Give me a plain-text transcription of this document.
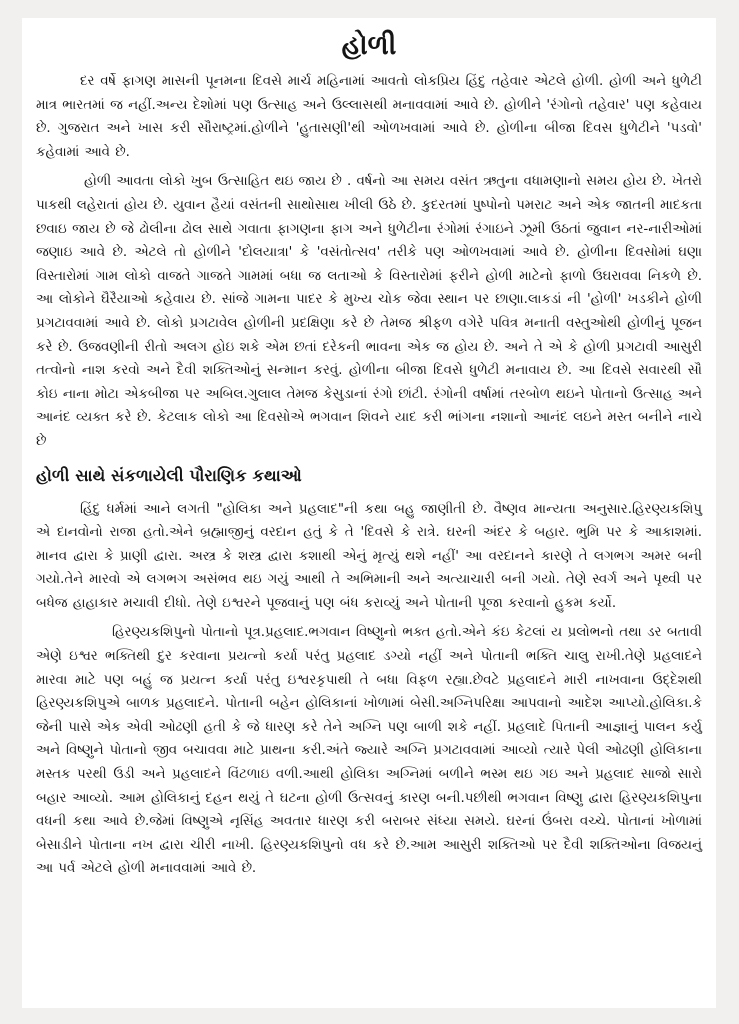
હોળી

દર વર્ષે ફાગણ માસની પૂનમના દિવસે માર્ચ મહિનામાં આવતો લોકપ્રિય હિંદુ તહેવાર એટલે હોળી. હોળી અને ધુળેટી માત્ર ભારતમાં જ નહીં.અન્ય દેશોમાં પણ ઉત્સાહ અને ઉલ્લાસથી મનાવવામાં આવે છે. હોળીને 'રંગોનો તહેવાર' પણ કહેવાય છે. ગુજરાત અને ખાસ કરી સૌરાષ્ટ્રમાં.હોળીને 'હુતાસણી'થી ઓળખવામાં આવે છે. હોળીના બીજા દિવસ ધુળેટીને 'પડવો' કહેવામાં આવે છે.

હોળી આવતા લોકો ખુબ ઉત્સાહિત થઇ જાય છે . વર્ષનો આ સમય વસંત ઋતુના વધામણાનો સમય હોય છે. ખેતરો પાકથી લહેરાતાં હોય છે. યુવાન હૈયાં વસંતની સાથોસાથ ખીલી ઉઠે છે. કુદરતમાં પુષ્પોનો પમરાટ અને એક જાતની માદકતા છવાઇ જાય છે જે ઢોલીના ઢોલ સાથે ગવાતા ફાગણના ફાગ અને ધુળેટીના રંગોમાં રંગાઇને ઝૂમી ઉઠતાં જુવાન નર-નારીઓમાં જણાઇ આવે છે. એટલે તો હોળીને 'દોલયાત્રા' કે 'વસંતોત્સવ' તરીકે પણ ઓળખવામાં આવે છે. હોળીના દિવસોમાં ઘણા વિસ્તારોમાં ગામ લોકો વાજતે ગાજતે ગામમાં બધા જ લતાઓ કે વિસ્તારોમાં ફરીને હોળી માટેનો ફાળો ઉઘરાવવા નિકળે છે. આ લોકોને ઘૈરૈયાઓ કહેવાય છે. સાંજે ગામના પાદર કે મુખ્ય ચોક જેવા સ્થાન પર છાણા.લાકડાં ની 'હોળી' ખડકીને હોળી પ્રગટાવવામાં આવે છે. લોકો પ્રગટાવેલ હોળીની પ્રદક્ષિણા કરે છે તેમજ શ્રીફળ વગેરે પવિત્ર મનાતી વસ્તુઓથી હોળીનું પૂજન કરે છે. ઉજવણીની રીતો અલગ હોઇ શકે એમ છતાં દરેકની ભાવના એક જ હોય છે. અને તે એ કે હોળી પ્રગટાવી આસુરી તત્વોનો નાશ કરવો અને દૈવી શક્તિઓનું સન્માન કરવું. હોળીના બીજા દિવસે ધુળેટી મનાવાય છે. આ દિવસે સવારથી સૌ કોઇ નાના મોટા એકબીજા પર અબિલ.ગુલાલ તેમજ કેસુડાનાં રંગો છાંટી. રંગોની વર્ષામાં તરબોળ થઇને પોતાનો ઉત્સાહ અને આનંદ વ્યક્ત કરે છે. કેટલાક લોકો આ દિવસોએ ભગવાન શિવને યાદ કરી ભાંગના નશાનો આનંદ લઇને મસ્ત બનીને નાચે છે

હોળી સાથે સંકળાયેલી પૌરાણિક કથાઓ

હિંદુ ધર્મમાં આને લગતી "હોલિકા અને પ્રહલાદ"ની કથા બહુ જાણીતી છે. વૈષ્ણવ માન્યતા અનુસાર.હિરણ્યકશિપુ એ દાનવોનો રાજા હતો.એને બ્રહ્માજીનું વરદાન હતું કે તે 'દિવસે કે રાત્રે. ઘરની અંદર કે બહાર. ભુમિ પર કે આકાશમાં. માનવ દ્વારા કે પ્રાણી દ્વારા. અસ્ત્ર કે શસ્ત્ર દ્વારા કશાથી એનું મૃત્યું થશે નહીં' આ વરદાનને કારણે તે લગભગ અમર બની ગયો.તેને મારવો એ લગભગ અસંભવ થઇ ગયું આથી તે અભિમાની અને અત્યાચારી બની ગયો. તેણે સ્વર્ગ અને પૃથ્વી પર બધેજ હાહાકાર મચાવી દીધો. તેણે ઇશ્વરને પૂજવાનું પણ બંધ કરાવ્યું અને પોતાની પૂજા કરવાનો હુકમ કર્યો.

હિરણ્યકશિપુનો પોતાનો પૂત્ર.પ્રહલાદ.ભગવાન વિષ્ણુનો ભક્ત હતો.એને કંઇ કેટલાં ય પ્રલોભનો તથા ડર બતાવી એણે ઇશ્વર ભક્તિથી દુર કરવાના પ્રયત્નો કર્યા પરંતુ પ્રહલાદ ડગ્યો નહીં અને પોતાની ભક્તિ ચાલુ રાખી.તેણે પ્રહલાદને મારવા માટે પણ બહું જ પ્રયત્ન કર્યા પરંતુ ઇશ્વરકૃપાથી તે બધા વિફળ રહ્યા.છેવટે પ્રહલાદને મારી નાખવાના ઉદ્દેશથી હિરણ્યકશિપુએ બાળક પ્રહલાદને. પોતાની બહેન હોલિકાનાં ખોળામાં બેસી.અગ્નિપરિક્ષા આપવાનો આદેશ આપ્યો.હોલિકા.કે જેની પાસે એક એવી ઓઢણી હતી કે જે ધારણ કરે તેને અગ્નિ પણ બાળી શકે નહીં. પ્રહલાદે પિતાની આજ્ઞાનું પાલન કર્યુ અને વિષ્ણુને પોતાનો જીવ બચાવવા માટે પ્રાથના કરી.અંતે જ્યારે અગ્નિ પ્રગટાવવામાં આવ્યો ત્યારે પેલી ઓઢણી હોલિકાના મસ્તક પરથી ઉડી અને પ્રહલાદને વિંટળાઇ વળી.આથી હોલિકા અગ્નિમાં બળીને ભસ્મ થઇ ગઇ અને પ્રહલાદ સાજો સારો બહાર આવ્યો. આમ હોલિકાનું દહન થયું તે ઘટના હોળી ઉત્સવનું કારણ બની.પછીથી ભગવાન વિષ્ણુ દ્વારા હિરણ્યકશિપુના વધની કથા આવે છે.જેમાં વિષ્ણુએ નૃસિંહ અવતાર ધારણ કરી બરાબર સંધ્યા સમયે. ઘરનાં ઉંબરા વચ્ચે. પોતાનાં ખોળામાં બેસાડીને પોતાના નખ દ્વારા ચીરી નાખી. હિરણ્યકશિપુનો વધ કરે છે.આમ આસુરી શક્તિઓ પર દૈવી શક્તિઓના વિજયનું આ પર્વ એટલે હોળી મનાવવામાં આવે છે.
